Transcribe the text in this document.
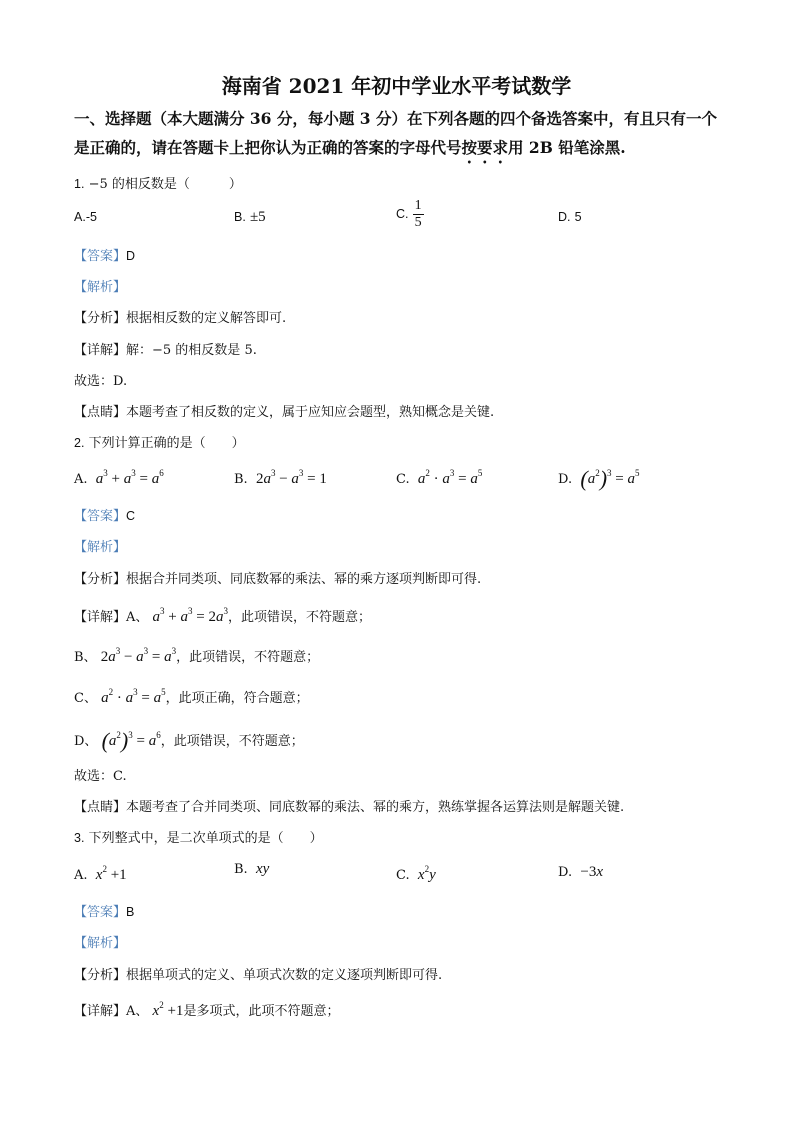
海南省 2021 年初中学业水平考试数学
一、选择题（本大题满分 36 分，每小题 3 分）在下列各题的四个备选答案中，有且只有一个
是正确的，请在答题卡上把你认为正确的答案的字母代号按要求用 2B 铅笔涂黑.
1. −5 的相反数是（　　　）
A.-5	B. ±5	C. $\frac{1}{5}$	D. 5
【答案】D
【解析】
【分析】根据相反数的定义解答即可.
【详解】解：−5 的相反数是 5.
故选：D.
【点睛】本题考查了相反数的定义，属于应知应会题型，熟知概念是关键.
2. 下列计算正确的是（　　）
A. $a^3 + a^3 = a^6$	B. $2a^3 - a^3 = 1$	C. $a^2 \cdot a^3 = a^5$	D. $(a^2)^3 = a^5$
【答案】C
【解析】
【分析】根据合并同类项、同底数幂的乘法、幂的乘方逐项判断即可得.
【详解】A、 $a^3 + a^3 = 2a^3$，此项错误，不符题意；
B、 $2a^3 - a^3 = a^3$，此项错误，不符题意；
C、 $a^2 \cdot a^3 = a^5$，此项正确，符合题意；
D、 $(a^2)^3 = a^6$，此项错误，不符题意；
故选：C.
【点睛】本题考查了合并同类项、同底数幂的乘法、幂的乘方，熟练掌握各运算法则是解题关键.
3. 下列整式中，是二次单项式的是（　　）
A. $x^2 +1$	B. xy	C. $x^2y$	D. −3x
【答案】B
【解析】
【分析】根据单项式的定义、单项式次数的定义逐项判断即可得.
【详解】A、 $x^2 +1$是多项式，此项不符题意；
